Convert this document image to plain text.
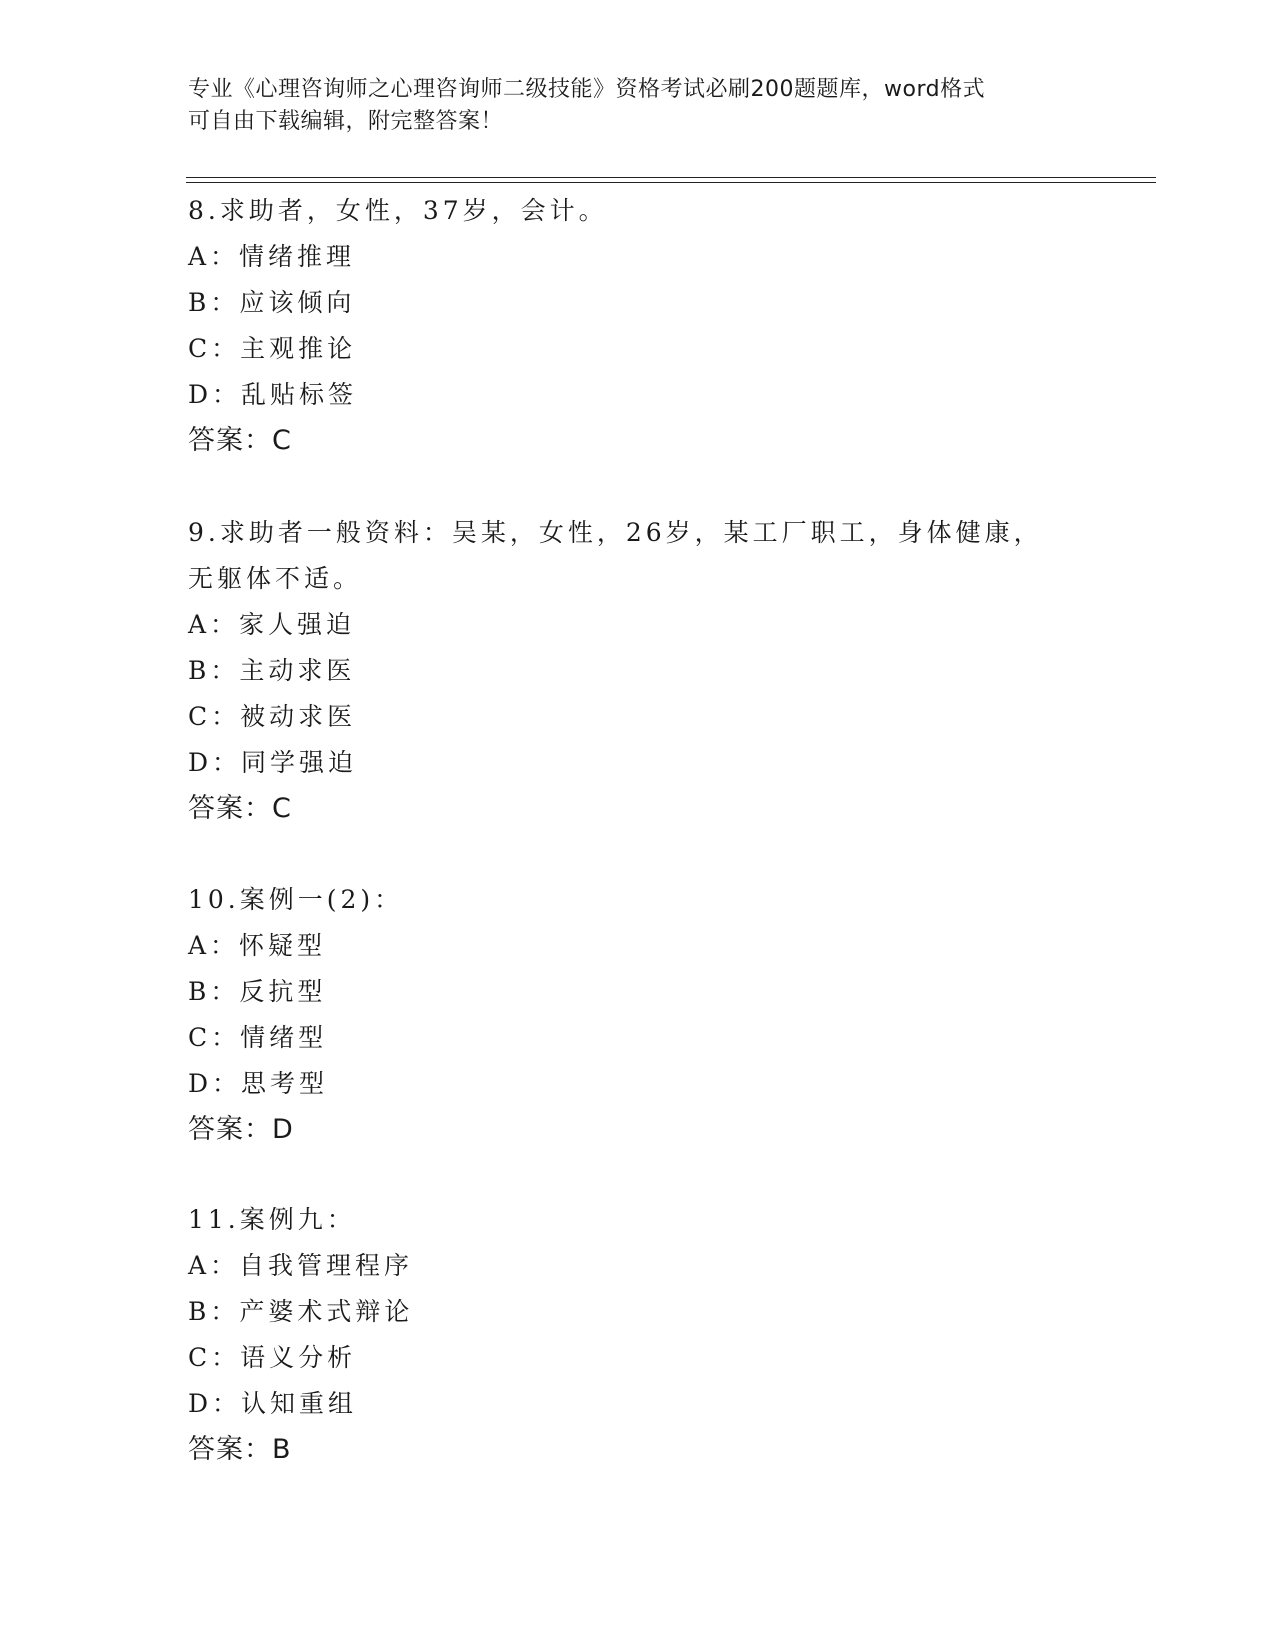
专业《心理咨询师之心理咨询师二级技能》资格考试必刷200题题库，word格式
可自由下载编辑，附完整答案！
8.求助者，女性，37岁，会计。
A：情绪推理
B：应该倾向
C：主观推论
D：乱贴标签
答案：C
9.求助者一般资料：吴某，女性，26岁，某工厂职工，身体健康，无躯体不适。
A：家人强迫
B：主动求医
C：被动求医
D：同学强迫
答案：C
10.案例一(2)：
A：怀疑型
B：反抗型
C：情绪型
D：思考型
答案：D
11.案例九：
A：自我管理程序
B：产婆术式辩论
C：语义分析
D：认知重组
答案：B
